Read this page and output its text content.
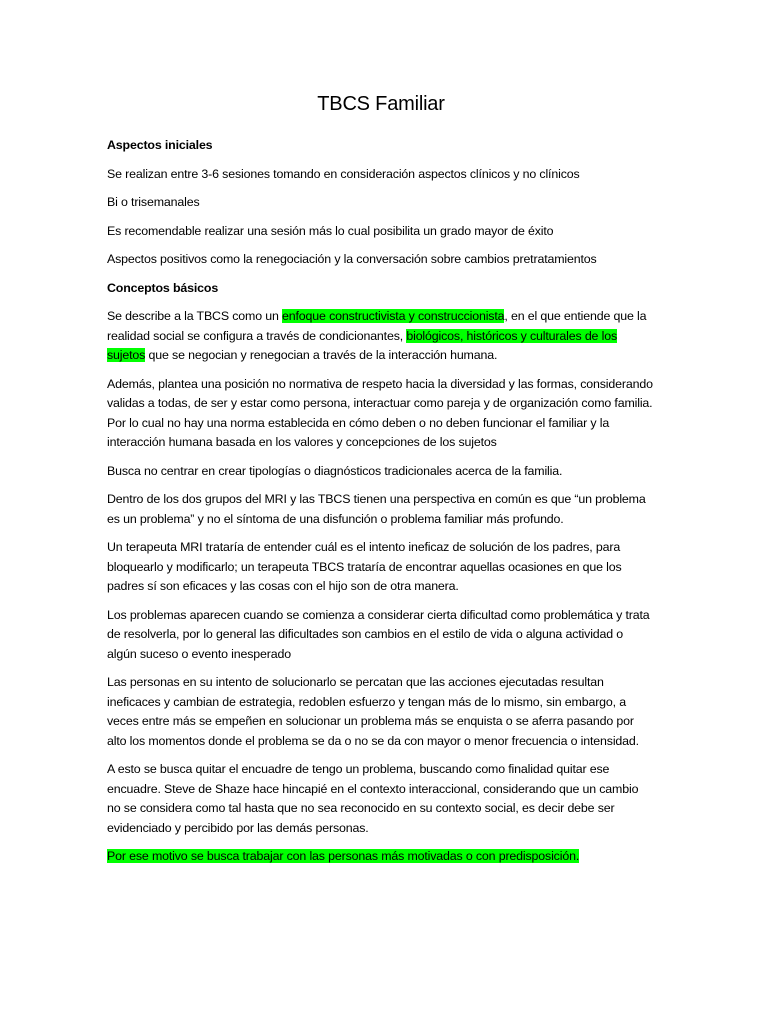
TBCS Familiar

Aspectos iniciales

Se realizan entre 3-6 sesiones tomando en consideración aspectos clínicos y no clínicos

Bi o trisemanales

Es recomendable realizar una sesión más lo cual posibilita un grado mayor de éxito

Aspectos positivos como la renegociación y la conversación sobre cambios pretratamientos

Conceptos básicos

Se describe a la TBCS como un enfoque constructivista y construccionista, en el que entiende que la realidad social se configura a través de condicionantes, biológicos, históricos y culturales de los sujetos que se negocian y renegocian a través de la interacción humana.

Además, plantea una posición no normativa de respeto hacia la diversidad y las formas, considerando validas a todas, de ser y estar como persona, interactuar como pareja y de organización como familia. Por lo cual no hay una norma establecida en cómo deben o no deben funcionar el familiar y la interacción humana basada en los valores y concepciones de los sujetos

Busca no centrar en crear tipologías o diagnósticos tradicionales acerca de la familia.

Dentro de los dos grupos del MRI y las TBCS tienen una perspectiva en común es que “un problema es un problema” y no el síntoma de una disfunción o problema familiar más profundo.

Un terapeuta MRI trataría de entender cuál es el intento ineficaz de solución de los padres, para bloquearlo y modificarlo; un terapeuta TBCS trataría de encontrar aquellas ocasiones en que los padres sí son eficaces y las cosas con el hijo son de otra manera.

Los problemas aparecen cuando se comienza a considerar cierta dificultad como problemática y trata de resolverla, por lo general las dificultades son cambios en el estilo de vida o alguna actividad o algún suceso o evento inesperado

Las personas en su intento de solucionarlo se percatan que las acciones ejecutadas resultan ineficaces y cambian de estrategia, redoblen esfuerzo y tengan más de lo mismo, sin embargo, a veces entre más se empeñen en solucionar un problema más se enquista o se aferra pasando por alto los momentos donde el problema se da o no se da con mayor o menor frecuencia o intensidad.

A esto se busca quitar el encuadre de tengo un problema, buscando como finalidad quitar ese encuadre. Steve de Shaze hace hincapié en el contexto interaccional, considerando que un cambio no se considera como tal hasta que no sea reconocido en su contexto social, es decir debe ser evidenciado y percibido por las demás personas.

Por ese motivo se busca trabajar con las personas más motivadas o con predisposición.
